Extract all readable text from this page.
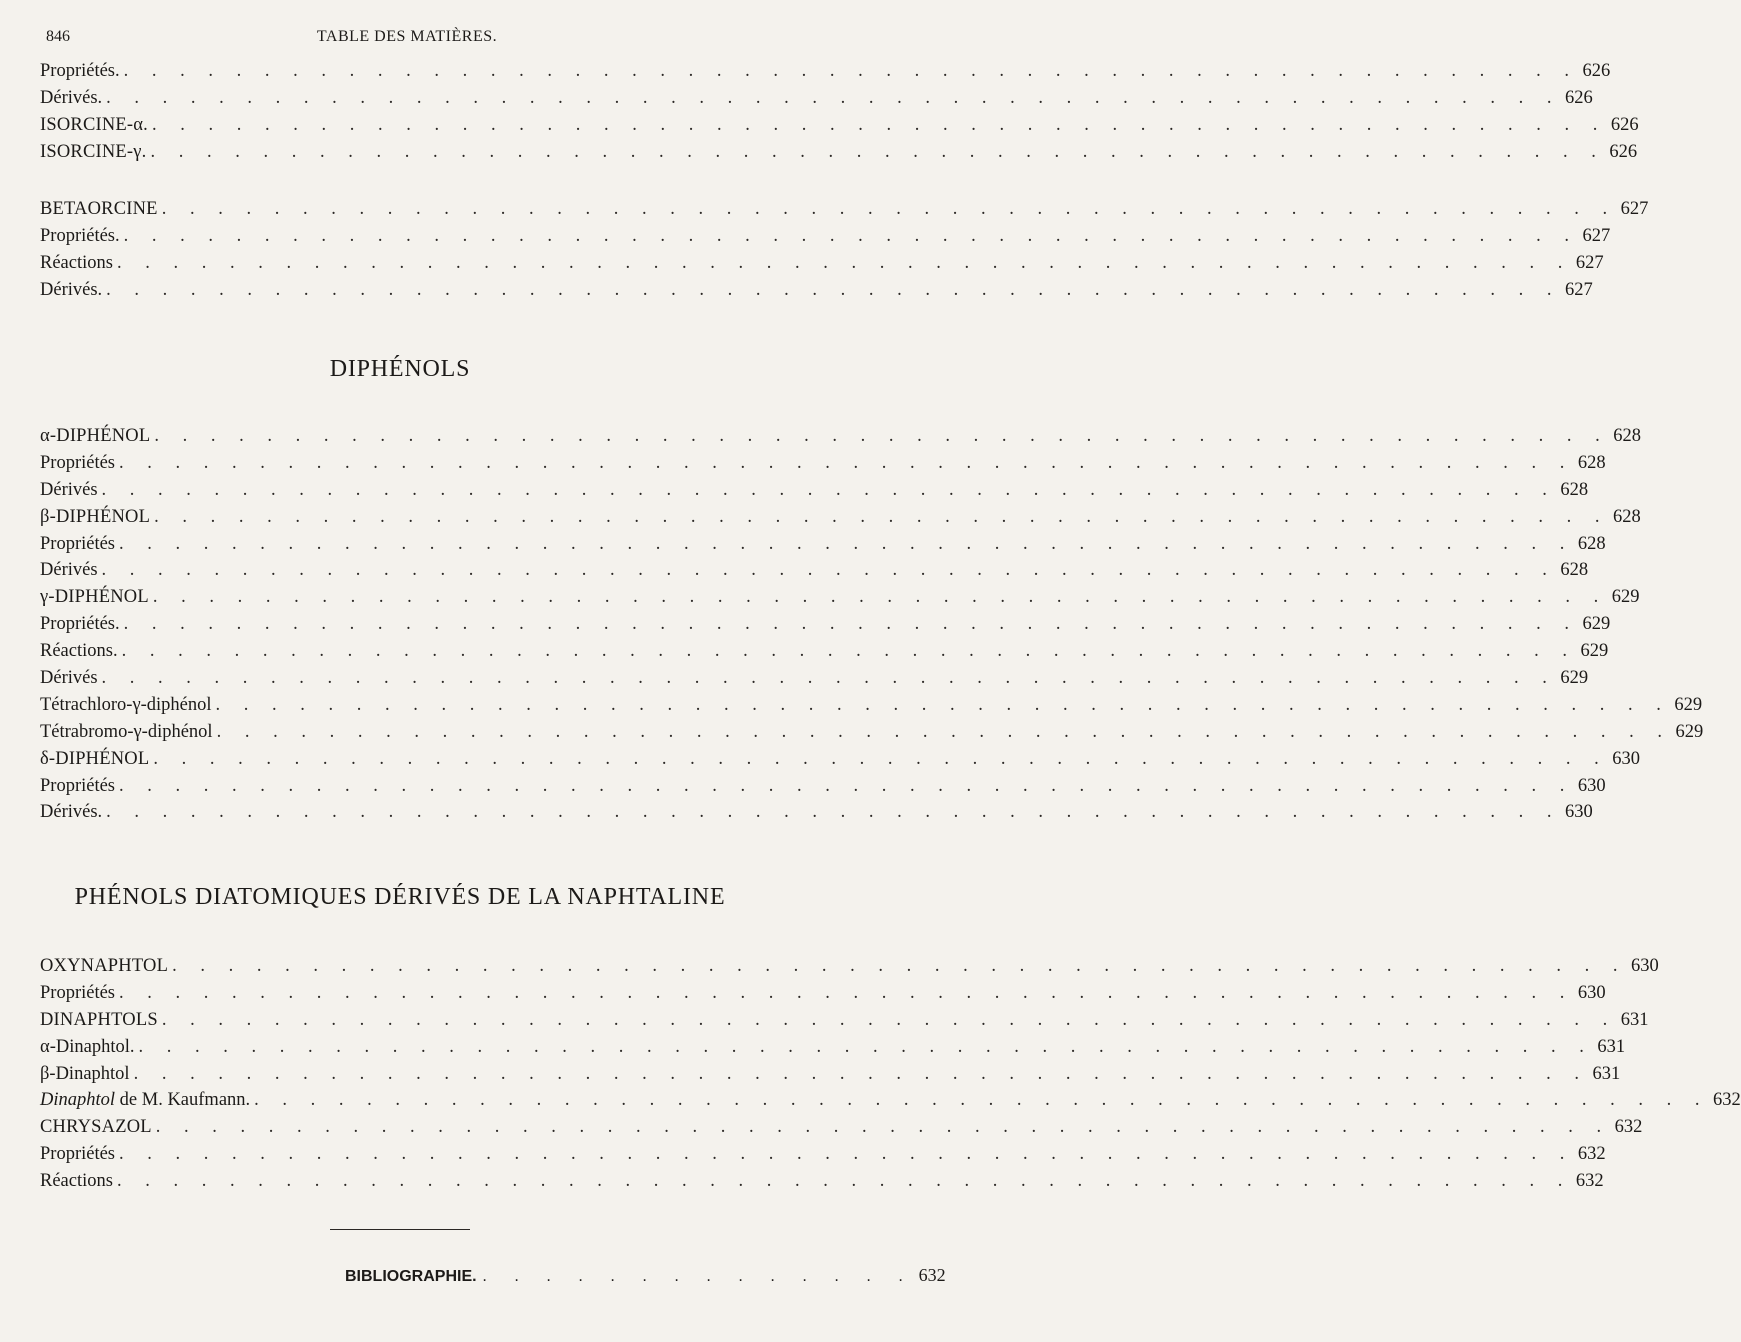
846	TABLE DES MATIÈRES.
Propriétés. . . . . . . . . . . . . . . . . . . . . . . . . . . . . . . . . . . . . . . . . . . . . . . . . . . . . 626
Dérivés. . . . . . . . . . . . . . . . . . . . . . . . . . . . . . . . . . . . . . . . . . . . . . . . . . . . . 626
ISORCINE-α. . . . . . . . . . . . . . . . . . . . . . . . . . . . . . . . . . . . . . . . . . . . . . . . . . . . . 626
ISORCINE-γ. . . . . . . . . . . . . . . . . . . . . . . . . . . . . . . . . . . . . . . . . . . . . . . . . . . . . 626
BETAORCINE . . . . . . . . . . . . . . . . . . . . . . . . . . . . . . . . . . . . . . . . . . . . . . . . . . . . 627
Propriétés. . . . . . . . . . . . . . . . . . . . . . . . . . . . . . . . . . . . . . . . . . . . . . . . . . . . . 627
Réactions . . . . . . . . . . . . . . . . . . . . . . . . . . . . . . . . . . . . . . . . . . . . . . . . . . . . 627
Dérivés. . . . . . . . . . . . . . . . . . . . . . . . . . . . . . . . . . . . . . . . . . . . . . . . . . . . . 627
DIPHÉNOLS
α-DIPHÉNOL . . . . . . . . . . . . . . . . . . . . . . . . . . . . . . . . . . . . . . . . . . . . . . . . . . . . 628
Propriétés . . . . . . . . . . . . . . . . . . . . . . . . . . . . . . . . . . . . . . . . . . . . . . . . . . . . 628
Dérivés . . . . . . . . . . . . . . . . . . . . . . . . . . . . . . . . . . . . . . . . . . . . . . . . . . . . 628
β-DIPHÉNOL . . . . . . . . . . . . . . . . . . . . . . . . . . . . . . . . . . . . . . . . . . . . . . . . . . . . 628
Propriétés . . . . . . . . . . . . . . . . . . . . . . . . . . . . . . . . . . . . . . . . . . . . . . . . . . . . 628
Dérivés . . . . . . . . . . . . . . . . . . . . . . . . . . . . . . . . . . . . . . . . . . . . . . . . . . . . 628
γ-DIPHÉNOL . . . . . . . . . . . . . . . . . . . . . . . . . . . . . . . . . . . . . . . . . . . . . . . . . . . . 629
Propriétés. . . . . . . . . . . . . . . . . . . . . . . . . . . . . . . . . . . . . . . . . . . . . . . . . . . . . 629
Réactions. . . . . . . . . . . . . . . . . . . . . . . . . . . . . . . . . . . . . . . . . . . . . . . . . . . . . 629
Dérivés . . . . . . . . . . . . . . . . . . . . . . . . . . . . . . . . . . . . . . . . . . . . . . . . . . . . 629
Tétrachloro-γ-diphénol . . . . . . . . . . . . . . . . . . . . . . . . . . . . . . . . . . . . . . . . . . . . . . . . . . . . 629
Tétrabromo-γ-diphénol . . . . . . . . . . . . . . . . . . . . . . . . . . . . . . . . . . . . . . . . . . . . . . . . . . . . 629
δ-DIPHÉNOL . . . . . . . . . . . . . . . . . . . . . . . . . . . . . . . . . . . . . . . . . . . . . . . . . . . . 630
Propriétés . . . . . . . . . . . . . . . . . . . . . . . . . . . . . . . . . . . . . . . . . . . . . . . . . . . . 630
Dérivés. . . . . . . . . . . . . . . . . . . . . . . . . . . . . . . . . . . . . . . . . . . . . . . . . . . . . 630
PHÉNOLS DIATOMIQUES DÉRIVÉS DE LA NAPHTALINE
OXYNAPHTOL . . . . . . . . . . . . . . . . . . . . . . . . . . . . . . . . . . . . . . . . . . . . . . . . . . . . 630
Propriétés . . . . . . . . . . . . . . . . . . . . . . . . . . . . . . . . . . . . . . . . . . . . . . . . . . . . 630
DINAPHTOLS . . . . . . . . . . . . . . . . . . . . . . . . . . . . . . . . . . . . . . . . . . . . . . . . . . . . 631
α-Dinaphtol. . . . . . . . . . . . . . . . . . . . . . . . . . . . . . . . . . . . . . . . . . . . . . . . . . . . . 631
β-Dinaphtol . . . . . . . . . . . . . . . . . . . . . . . . . . . . . . . . . . . . . . . . . . . . . . . . . . . . 631
Dinaphtol de M. Kaufmann. . . . . . . . . . . . . . . . . . . . . . . . . . . . . . . . . . . . . . . . . . . . . . . . . . . . . 632
CHRYSAZOL . . . . . . . . . . . . . . . . . . . . . . . . . . . . . . . . . . . . . . . . . . . . . . . . . . . . 632
Propriétés . . . . . . . . . . . . . . . . . . . . . . . . . . . . . . . . . . . . . . . . . . . . . . . . . . . . 632
Réactions . . . . . . . . . . . . . . . . . . . . . . . . . . . . . . . . . . . . . . . . . . . . . . . . . . . . 632
BIBLIOGRAPHIE. . . . . . . . . . . . . . . 632
